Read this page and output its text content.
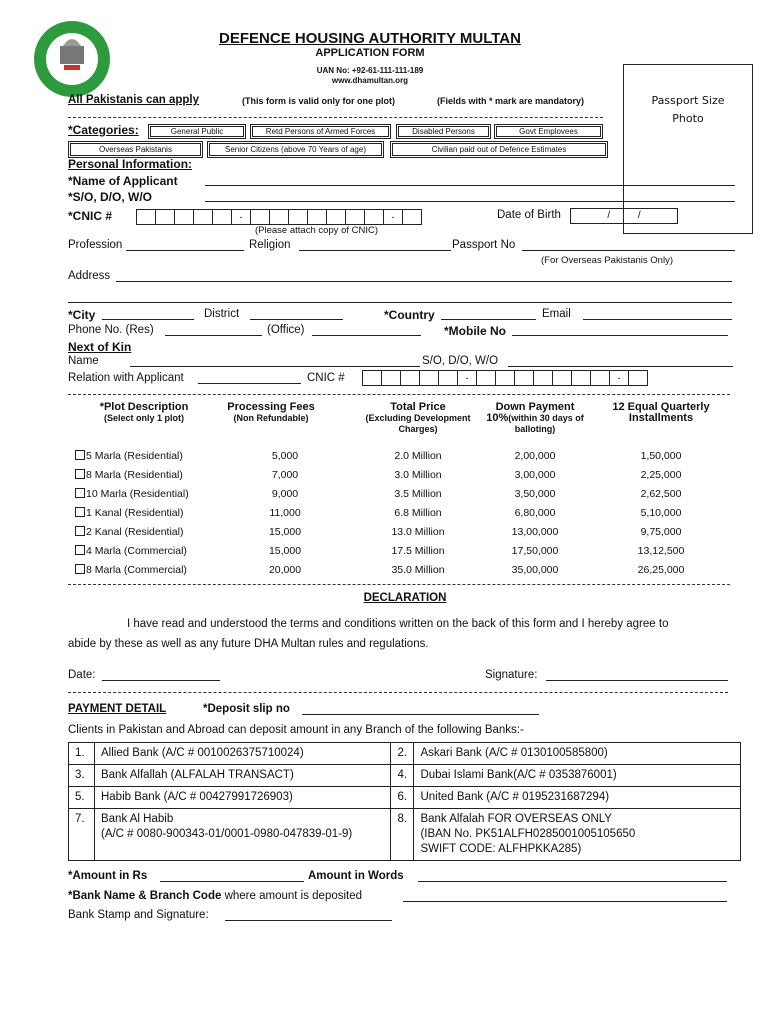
DEFENCE HOUSING AUTHORITY MULTAN
APPLICATION FORM
UAN No: +92-61-111-111-189
www.dhamultan.org
Passport Size
Photo
All Pakistanis can apply	(This form is valid only for one plot)	(Fields with * mark are mandatory)
*Categories:	General Public	Retd Persons of Armed Forces	Disabled Persons	Govt Emplovees
Overseas Pakistanis	Senior Citizens (above 70 Years of age)	Civilian paid out of Defence Estimates
Personal Information:
*Name of Applicant
*S/O, D/O, W/O
*CNIC #	-	-	Date of Birth	/          /
(Please attach copy of CNIC)
Profession	Religion	Passport No
(For Overseas Pakistanis Only)
Address
*City	District	*Country	Email
Phone No. (Res)	(Office)	*Mobile No
Next of Kin
Name	S/O, D/O, W/O
Relation with Applicant	CNIC #	-	-
*Plot Description
(Select only 1 plot)
Processing Fees
(Non Refundable)
Total Price
(Excluding Development Charges)
Down Payment 10%(within 30 days of balloting)
12 Equal Quarterly Installments
5 Marla (Residential)	5,000	2.0 Million	2,00,000	1,50,000
8 Marla (Residential)	7,000	3.0 Million	3,00,000	2,25,000
10 Marla (Residential)	9,000	3.5 Million	3,50,000	2,62,500
1 Kanal (Residential)	11,000	6.8 Million	6,80,000	5,10,000
2 Kanal (Residential)	15,000	13.0 Million	13,00,000	9,75,000
4 Marla (Commercial)	15,000	17.5 Million	17,50,000	13,12,500
8 Marla (Commercial)	20,000	35.0 Million	35,00,000	26,25,000
DECLARATION
I have read and understood the terms and conditions written on the back of this form and I hereby agree to
abide by these as well as any future DHA Multan rules and regulations.
Date:	Signature:
PAYMENT DETAIL	*Deposit slip no
Clients in Pakistan and Abroad can deposit amount in any Branch of the following Banks:-
1.	Allied Bank (A/C # 0010026375710024)	2.	Askari Bank (A/C # 0130100585800)
3.	Bank Alfallah (ALFALAH TRANSACT)	4.	Dubai Islami Bank(A/C # 0353876001)
5.	Habib Bank (A/C # 00427991726903)	6.	United Bank (A/C # 0195231687294)
7.	Bank Al Habib
(A/C # 0080-900343-01/0001-0980-047839-01-9)	8.	Bank Alfalah FOR OVERSEAS ONLY
(IBAN No. PK51ALFH0285001005105650
SWIFT CODE: ALFHPKKA285)
*Amount in Rs	Amount in Words
*Bank Name & Branch Code where amount is deposited
Bank Stamp and Signature:
